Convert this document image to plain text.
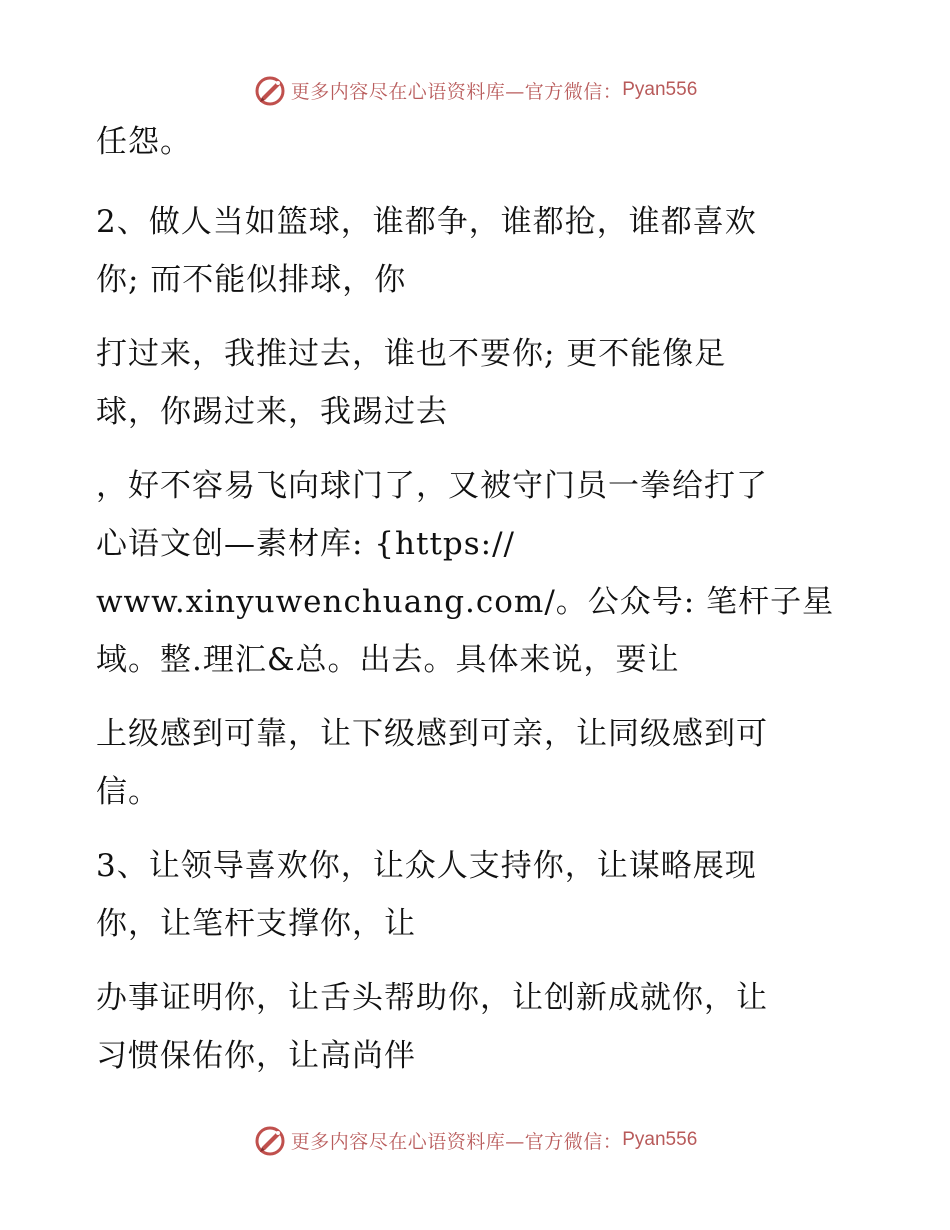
更多内容尽在心语资料库—官方微信： Pyan556
任怨。
2、做人当如篮球，谁都争，谁都抢，谁都喜欢
你; 而不能似排球，你
打过来，我推过去，谁也不要你; 更不能像足
球，你踢过来，我踢过去
，好不容易飞向球门了，又被守门员一拳给打了
心语文创—素材库: {https://
www.xinyuwenchuang.com/。公众号: 笔杆子星
域。整.理汇&总。出去。具体来说，要让
上级感到可靠，让下级感到可亲，让同级感到可
信。
3、让领导喜欢你，让众人支持你，让谋略展现
你，让笔杆支撑你，让
办事证明你，让舌头帮助你，让创新成就你，让
习惯保佑你，让高尚伴
更多内容尽在心语资料库—官方微信： Pyan556
